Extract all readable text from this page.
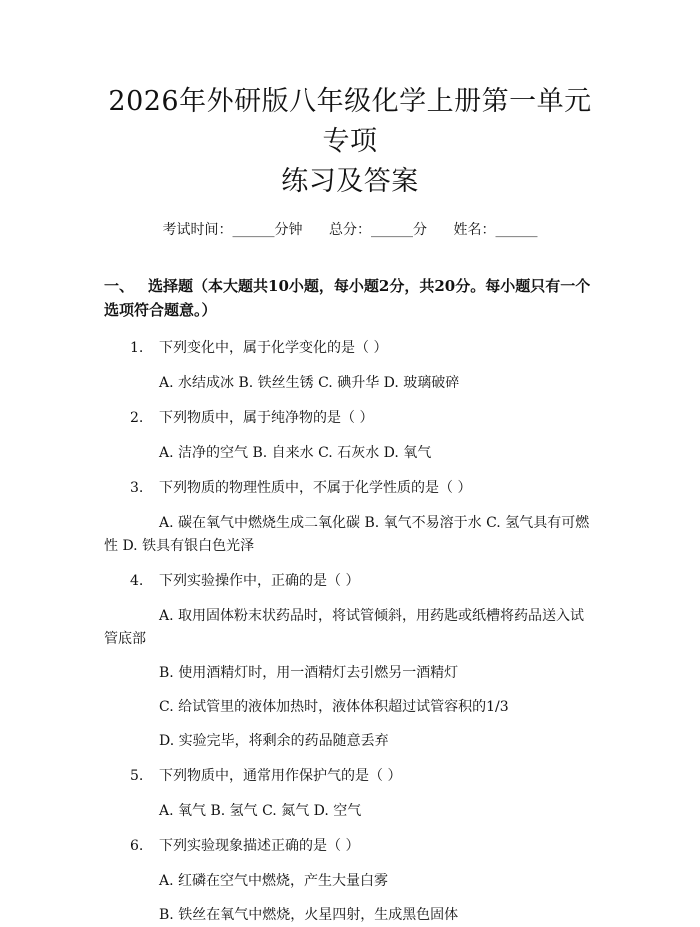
2026年外研版八年级化学上册第一单元专项
练习及答案
考试时间：______分钟 总分：______分 姓名：______
一、 选择题（本大题共10小题，每小题2分，共20分。每小题只有一个选项符合题意。）
1. 下列变化中，属于化学变化的是（ ）
A. 水结成冰 B. 铁丝生锈 C. 碘升华 D. 玻璃破碎
2. 下列物质中，属于纯净物的是（ ）
A. 洁净的空气 B. 自来水 C. 石灰水 D. 氧气
3. 下列物质的物理性质中，不属于化学性质的是（ ）
A. 碳在氧气中燃烧生成二氧化碳 B. 氧气不易溶于水 C. 氢气具有可燃性 D. 铁具有银白色光泽
4. 下列实验操作中，正确的是（ ）
A. 取用固体粉末状药品时，将试管倾斜，用药匙或纸槽将药品送入试管底部
B. 使用酒精灯时，用一酒精灯去引燃另一酒精灯
C. 给试管里的液体加热时，液体体积超过试管容积的1/3
D. 实验完毕，将剩余的药品随意丢弃
5. 下列物质中，通常用作保护气的是（ ）
A. 氧气 B. 氢气 C. 氮气 D. 空气
6. 下列实验现象描述正确的是（ ）
A. 红磷在空气中燃烧，产生大量白雾
B. 铁丝在氧气中燃烧，火星四射，生成黑色固体
